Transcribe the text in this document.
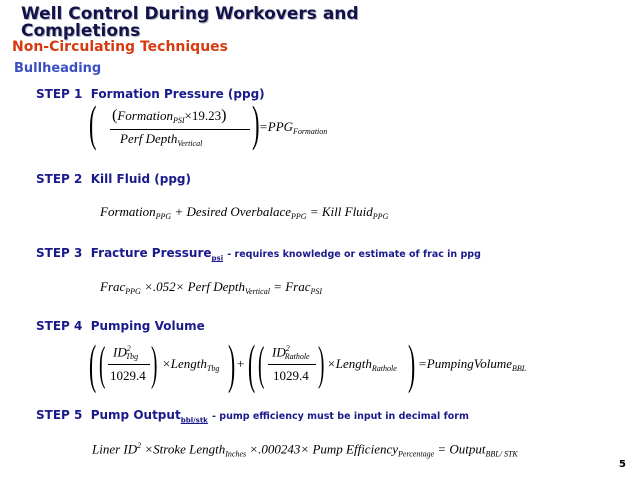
Well Control During Workovers and Completions
Non-Circulating Techniques
Bullheading
STEP 1 Formation Pressure (ppg)
( (Formation$_{PSI}$×19.23)
Perf Depth$_{Vertical}$ ) $=PPG_{Formation}$
STEP 2 Kill Fluid (ppg)
Formation$_{PPG}$ + Desired Overbalace$_{PPG}$ = Kill Fluid$_{PPG}$
STEP 3 Fracture Pressure$_{psi}$ - requires knowledge or estimate of frac in ppg
Frac$_{PPG}$ ×.052× Perf Depth$_{Vertical}$ = Frac$_{PSI}$
STEP 4 Pumping Volume
( ( $ID^2_{Tbg}$
1029.4 ) ×Length$_{Tbg}$ ) + ( ( $ID^2_{Rathole}$
1029.4 ) ×Length$_{Rathole}$ ) =PumpingVolume$_{BBL}$
STEP 5 Pump Output$_{bbl/stk}$ - pump efficiency must be input in decimal form
Liner $ID^2$ ×Stroke Length$_{Inches}$ ×.000243× Pump Efficiency$_{Percentage}$ = Output$_{BBL/ STK}$
5
